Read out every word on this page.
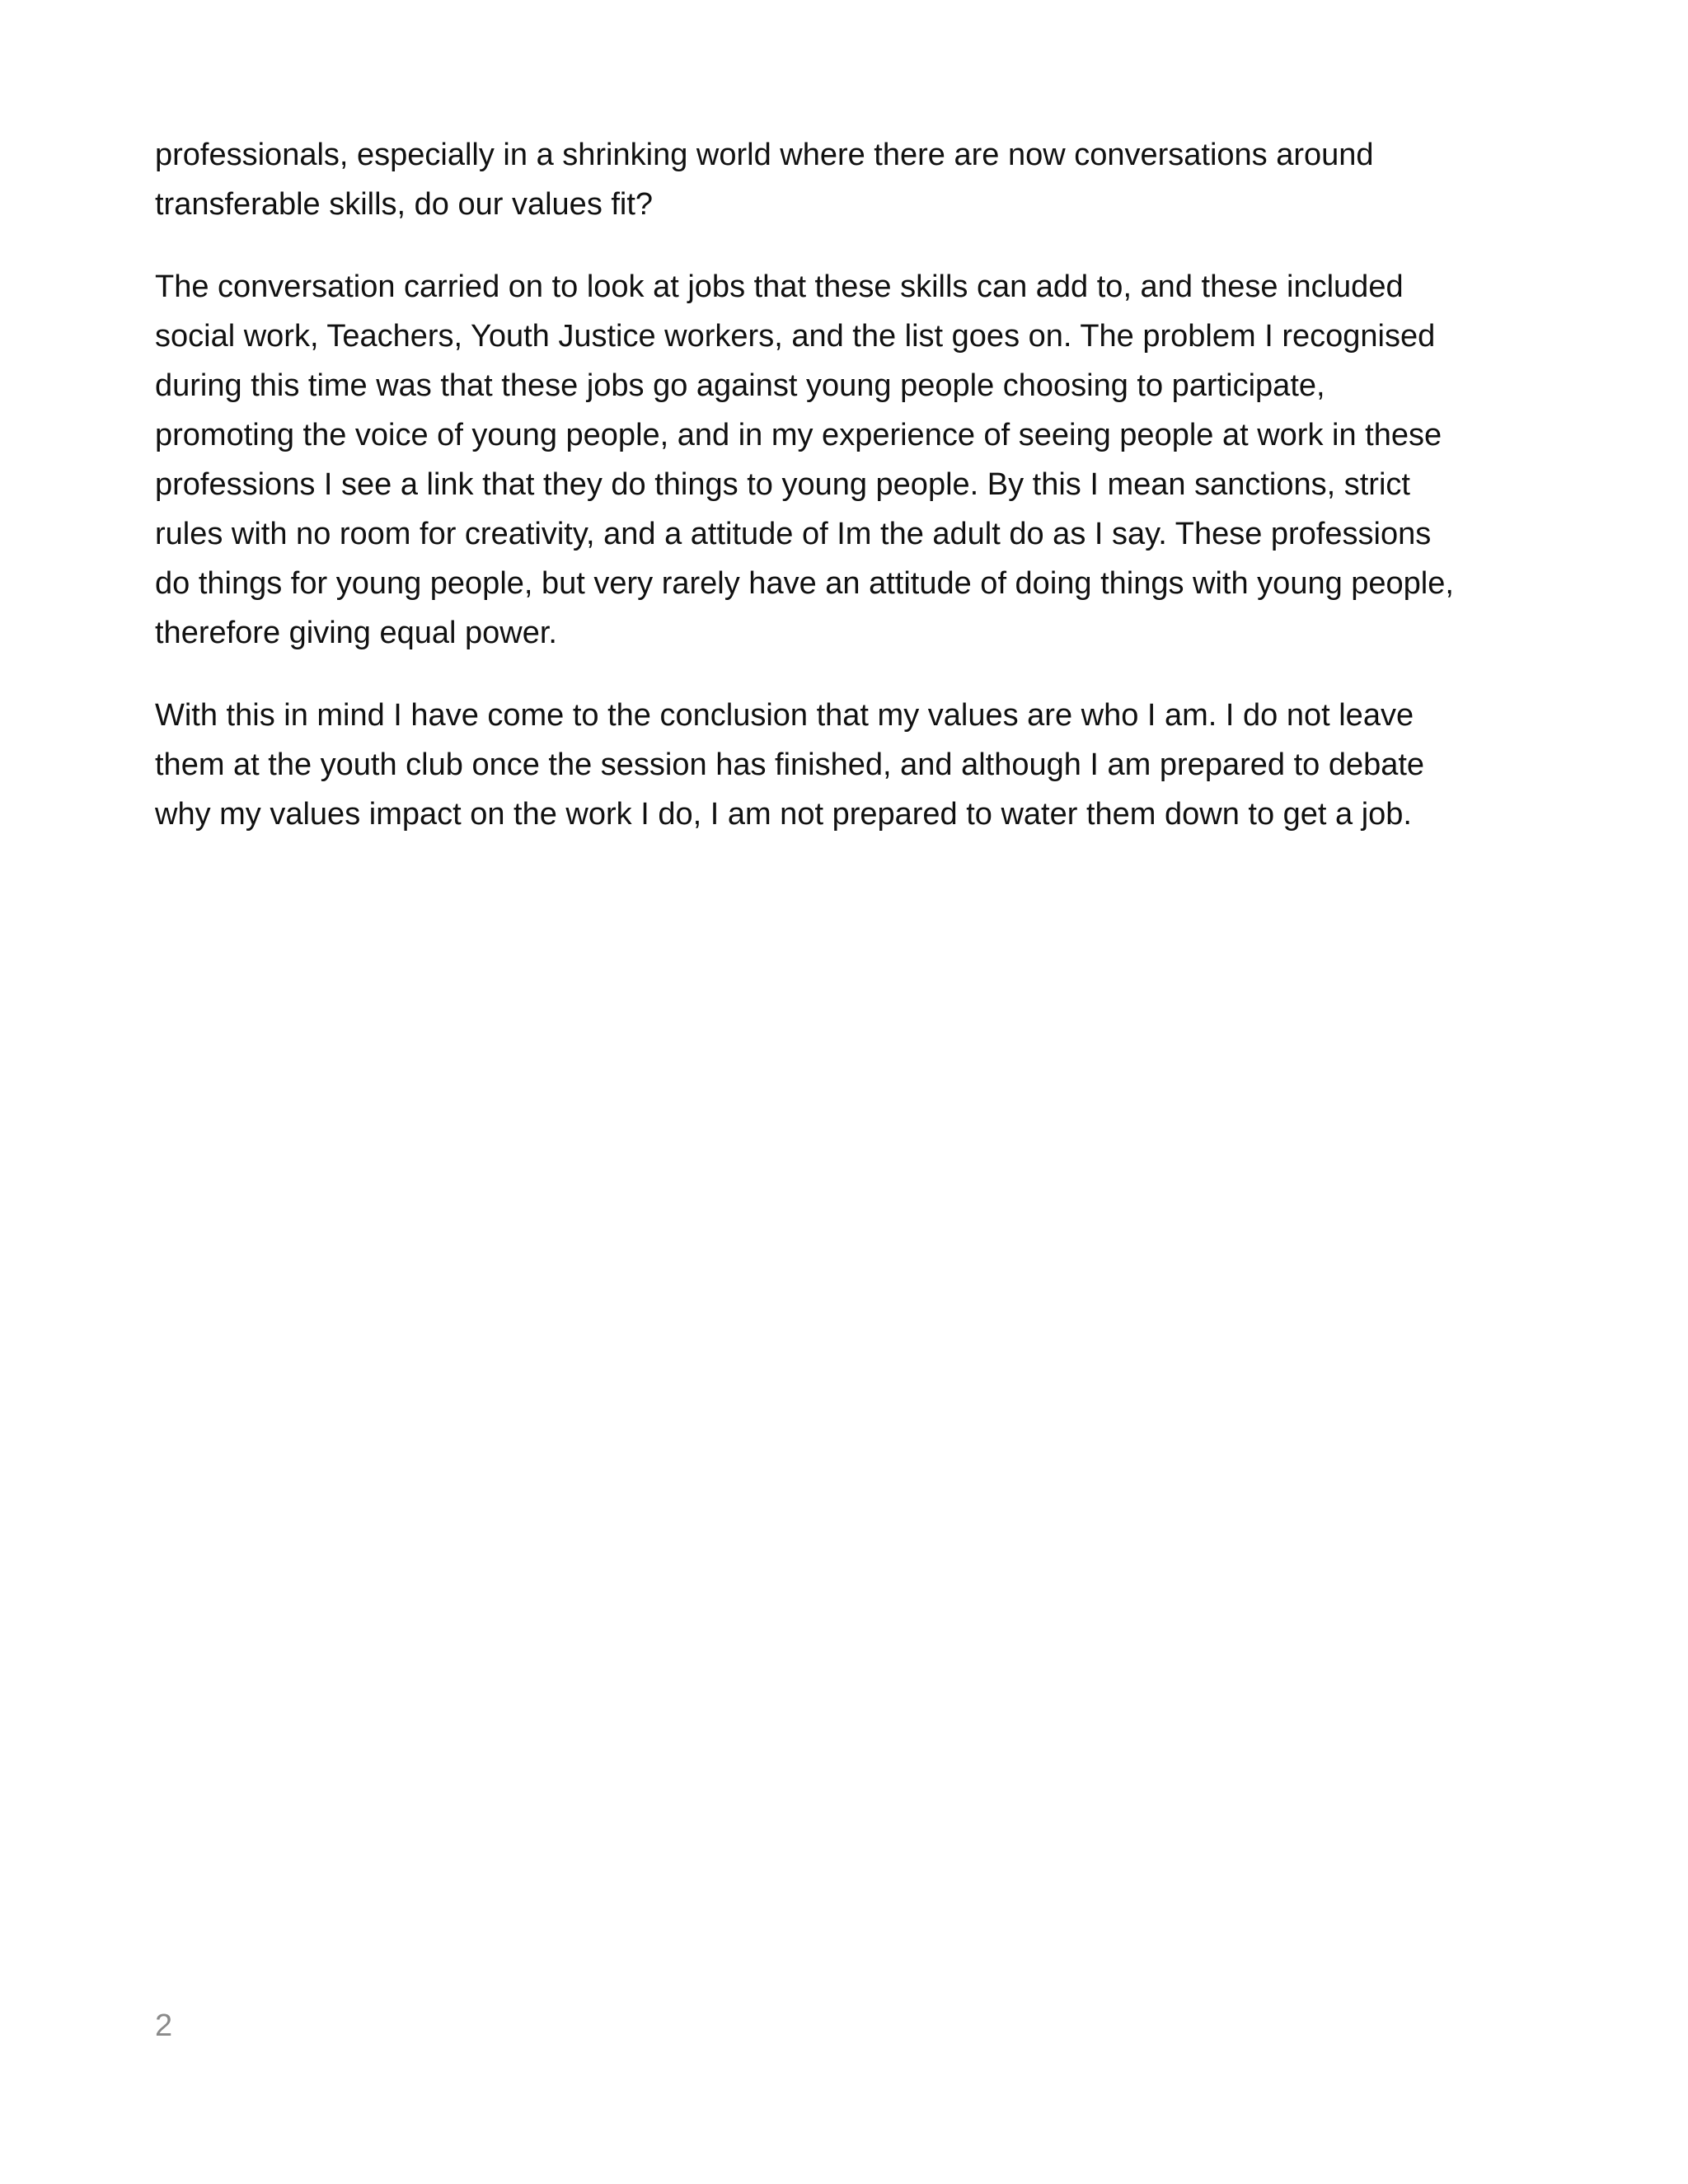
professionals, especially in a shrinking world where there are now conversations around
transferable skills, do our values fit?
The conversation carried on to look at jobs that these skills can add to, and these included
social work, Teachers, Youth Justice workers, and the list goes on. The problem I recognised
during this time was that these jobs go against young people choosing to participate,
promoting the voice of young people, and in my experience of seeing people at work in these
professions I see a link that they do things to young people. By this I mean sanctions, strict
rules with no room for creativity, and a attitude of Im the adult do as I say. These professions
do things for young people, but very rarely have an attitude of doing things with young people,
therefore giving equal power.
With this in mind I have come to the conclusion that my values are who I am. I do not leave
them at the youth club once the session has finished, and although I am prepared to debate
why my values impact on the work I do, I am not prepared to water them down to get a job.
2
